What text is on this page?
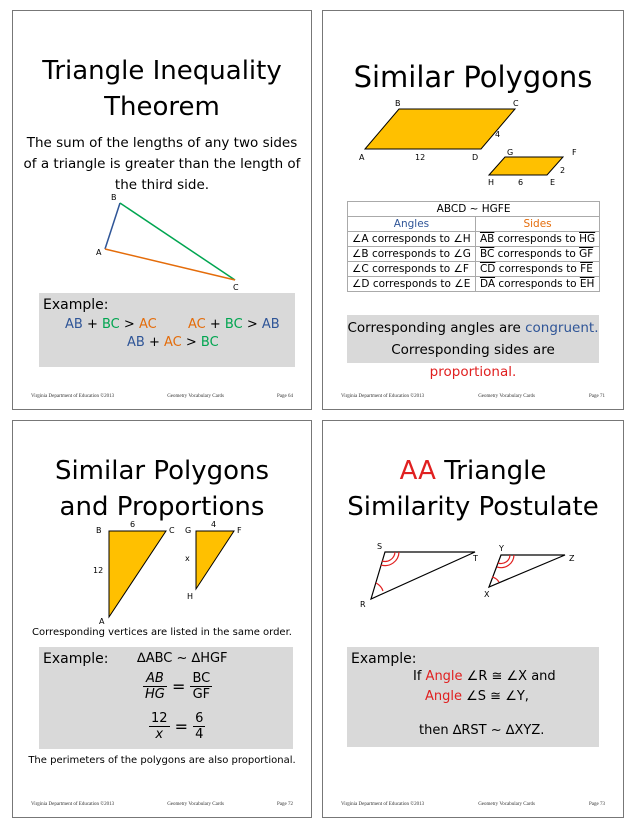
Triangle Inequality
Theorem
The sum of the lengths of any two sides
of a triangle is greater than the length of
the third side.
B
A
C
Example:
AB + BC > AC AC + BC > AB
AB + AC > BC
Virginia Department of Education ©2013	Geometry Vocabulary Cards	Page 64
Similar Polygons
B	C
A	D
12
4
G	F
H	E
6
2
ABCD ~ HGFE	
Angles	Sides
∠A corresponds to ∠H	$\overline{AB}$ corresponds to $\overline{HG}$
∠B corresponds to ∠G	$\overline{BC}$ corresponds to $\overline{GF}$
∠C corresponds to ∠F	$\overline{CD}$ corresponds to $\overline{FE}$
∠D corresponds to ∠E	$\overline{DA}$ corresponds to $\overline{EH}$
Corresponding angles are congruent.
Corresponding sides are proportional.
Virginia Department of Education ©2013	Geometry Vocabulary Cards	Page 71
Similar Polygons
and Proportions
B	C
A
6
12
G	F
H
4
x
Corresponding vertices are listed in the same order.
Example: ∆ABC ~ ∆HGF
$\frac{AB}{HG} = \frac{BC}{GF}$
$\frac{12}{x} = \frac{6}{4}$
The perimeters of the polygons are also proportional.
Virginia Department of Education ©2013	Geometry Vocabulary Cards	Page 72
AA Triangle
Similarity Postulate
S
T
R
Y
Z
X
Example:
If Angle ∠R ≅ ∠X and
Angle ∠S ≅ ∠Y,
then ∆RST ~ ∆XYZ.
Virginia Department of Education ©2013	Geometry Vocabulary Cards	Page 73
